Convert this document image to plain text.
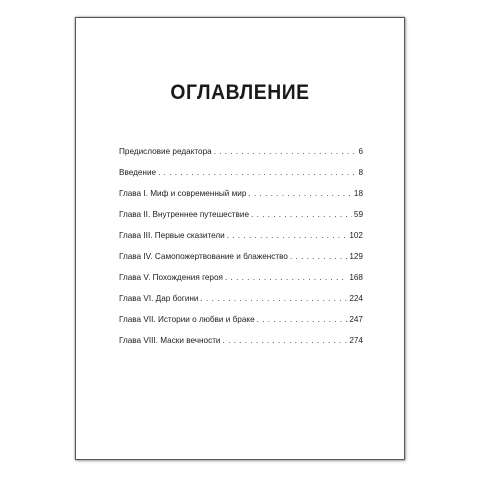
ОГЛАВЛЕНИЕ
Предисловие редактора . . .	6
Введение . . .	8
Глава I. Миф и современный мир . . .	18
Глава II. Внутреннее путешествие . . .	59
Глава III. Первые сказители . . .	102
Глава IV. Самопожертвование и блаженство . . .	129
Глава V. Похождения героя . . .	168
Глава VI. Дар богини . . .	224
Глава VII. Истории о любви и браке . . .	247
Глава VIII. Маски вечности . . .	274
